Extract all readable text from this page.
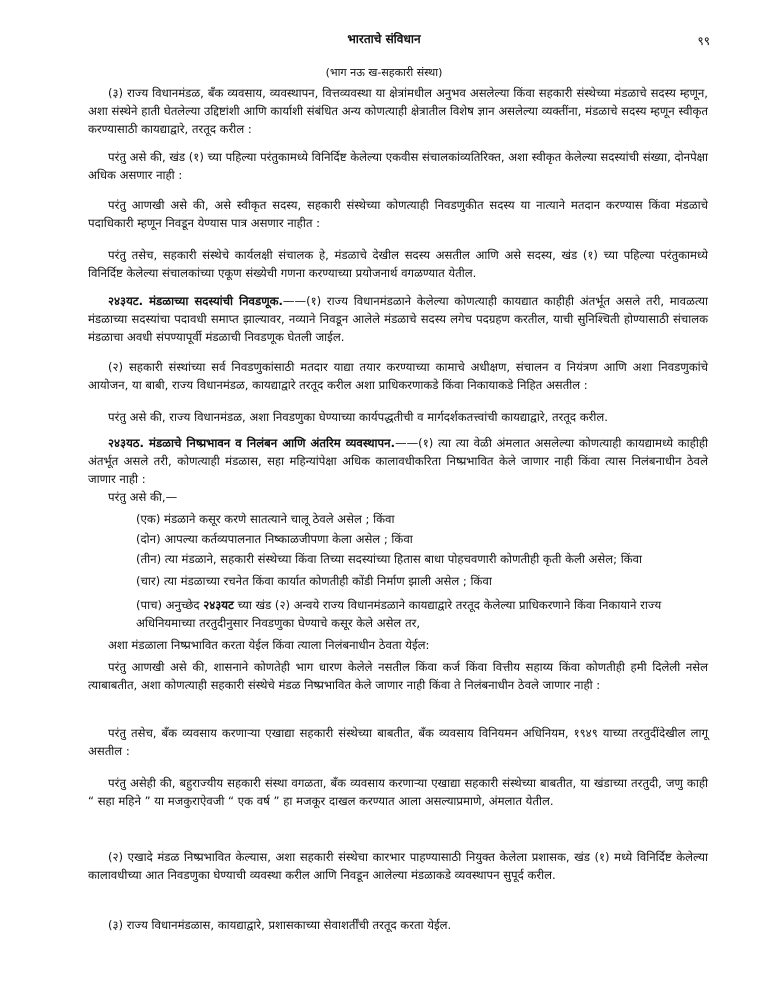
भारताचे संविधान	९९
(भाग नऊ ख-सहकारी संस्था)

(३) राज्य विधानमंडळ, बँक व्यवसाय, व्यवस्थापन, वित्तव्यवस्था या क्षेत्रांमधील अनुभव असलेल्या किंवा सहकारी संस्थेच्या मंडळाचे सदस्य म्हणून, अशा संस्थेने हाती घेतलेल्या उद्दिष्टांशी आणि कार्याशी संबंधित अन्य कोणत्याही क्षेत्रातील विशेष ज्ञान असलेल्या व्यक्तींना, मंडळाचे सदस्य म्हणून स्वीकृत करण्यासाठी कायद्याद्वारे, तरतूद करील :

परंतु असे की, खंड (१) च्या पहिल्या परंतुकामध्ये विनिर्दिष्ट केलेल्या एकवीस संचालकांव्यतिरिक्त, अशा स्वीकृत केलेल्या सदस्यांची संख्या, दोनपेक्षा अधिक असणार नाही :

परंतु आणखी असे की, असे स्वीकृत सदस्य, सहकारी संस्थेच्या कोणत्याही निवडणुकीत सदस्य या नात्याने मतदान करण्यास किंवा मंडळाचे पदाधिकारी म्हणून निवडून येण्यास पात्र असणार नाहीत :

परंतु तसेच, सहकारी संस्थेचे कार्यलक्षी संचालक हे, मंडळाचे देखील सदस्य असतील आणि असे सदस्य, खंड (१) च्या पहिल्या परंतुकामध्ये विनिर्दिष्ट केलेल्या संचालकांच्या एकूण संख्येची गणना करण्याच्या प्रयोजनार्थ वगळण्यात येतील.

२४३यट. मंडळाच्या सदस्यांची निवडणूक.——(१) राज्य विधानमंडळाने केलेल्या कोणत्याही कायद्यात काहीही अंतर्भूत असले तरी, मावळत्या मंडळाच्या सदस्यांचा पदावधी समाप्त झाल्यावर, नव्याने निवडून आलेले मंडळाचे सदस्य लगेच पदग्रहण करतील, याची सुनिश्चिती होण्यासाठी संचालक मंडळाचा अवधी संपण्यापूर्वी मंडळाची निवडणूक घेतली जाईल.

(२) सहकारी संस्थांच्या सर्व निवडणुकांसाठी मतदार याद्या तयार करण्याच्या कामाचे अधीक्षण, संचालन व नियंत्रण आणि अशा निवडणुकांचे आयोजन, या बाबी, राज्य विधानमंडळ, कायद्याद्वारे तरतूद करील अशा प्राधिकरणाकडे किंवा निकायाकडे निहित असतील :

परंतु असे की, राज्य विधानमंडळ, अशा निवडणुका घेण्याच्या कार्यपद्धतीची व मार्गदर्शकतत्त्वांची कायद्याद्वारे, तरतूद करील.

२४३यठ. मंडळाचे निष्प्रभावन व निलंबन आणि अंतरिम व्यवस्थापन.——(१) त्या त्या वेळी अंमलात असलेल्या कोणत्याही कायद्यामध्ये काहीही अंतर्भूत असले तरी, कोणत्याही मंडळास, सहा महिन्यांपेक्षा अधिक कालावधीकरिता निष्प्रभावित केले जाणार नाही किंवा त्यास निलंबनाधीन ठेवले जाणार नाही :

परंतु असे की,—

(एक) मंडळाने कसूर करणे सातत्याने चालू ठेवले असेल ; किंवा

(दोन) आपल्या कर्तव्यपालनात निष्काळजीपणा केला असेल ; किंवा

(तीन) त्या मंडळाने, सहकारी संस्थेच्या किंवा तिच्या सदस्यांच्या हितास बाधा पोहचवणारी कोणतीही कृती केली असेल; किंवा

(चार) त्या मंडळाच्या रचनेत किंवा कार्यात कोणतीही कोंडी निर्माण झाली असेल ; किंवा

(पाच) अनुच्छेद २४३यट च्या खंड (२) अन्वये राज्य विधानमंडळाने कायद्याद्वारे तरतूद केलेल्या प्राधिकरणाने किंवा निकायाने राज्य अधिनियमाच्या तरतुदीनुसार निवडणुका घेण्याचे कसूर केले असेल तर,

अशा मंडळाला निष्प्रभावित करता येईल किंवा त्याला निलंबनाधीन ठेवता येईल:

परंतु आणखी असे की, शासनाने कोणतेही भाग धारण केलेले नसतील किंवा कर्ज किंवा वित्तीय सहाय्य किंवा कोणतीही हमी दिलेली नसेल त्याबाबतीत, अशा कोणत्याही सहकारी संस्थेचे मंडळ निष्प्रभावित केले जाणार नाही किंवा ते निलंबनाधीन ठेवले जाणार नाही :

परंतु तसेच, बँक व्यवसाय करणाऱ्या एखाद्या सहकारी संस्थेच्या बाबतीत, बँक व्यवसाय विनियमन अधिनियम, १९४९ याच्या तरतुदींदेखील लागू असतील :

परंतु असेही की, बहुराज्यीय सहकारी संस्था वगळता, बँक व्यवसाय करणाऱ्या एखाद्या सहकारी संस्थेच्या बाबतीत, या खंडाच्या तरतुदी, जणु काही “ सहा महिने ” या मजकुराऐवजी “ एक वर्ष ” हा मजकूर दाखल करण्यात आला असल्याप्रमाणे, अंमलात येतील.

(२) एखादे मंडळ निष्प्रभावित केल्यास, अशा सहकारी संस्थेचा कारभार पाहण्यासाठी नियुक्त केलेला प्रशासक, खंड (१) मध्ये विनिर्दिष्ट केलेल्या कालावधीच्या आत निवडणुका घेण्याची व्यवस्था करील आणि निवडून आलेल्या मंडळाकडे व्यवस्थापन सुपूर्द करील.

(३) राज्य विधानमंडळास, कायद्याद्वारे, प्रशासकाच्या सेवाशर्तींची तरतूद करता येईल.
